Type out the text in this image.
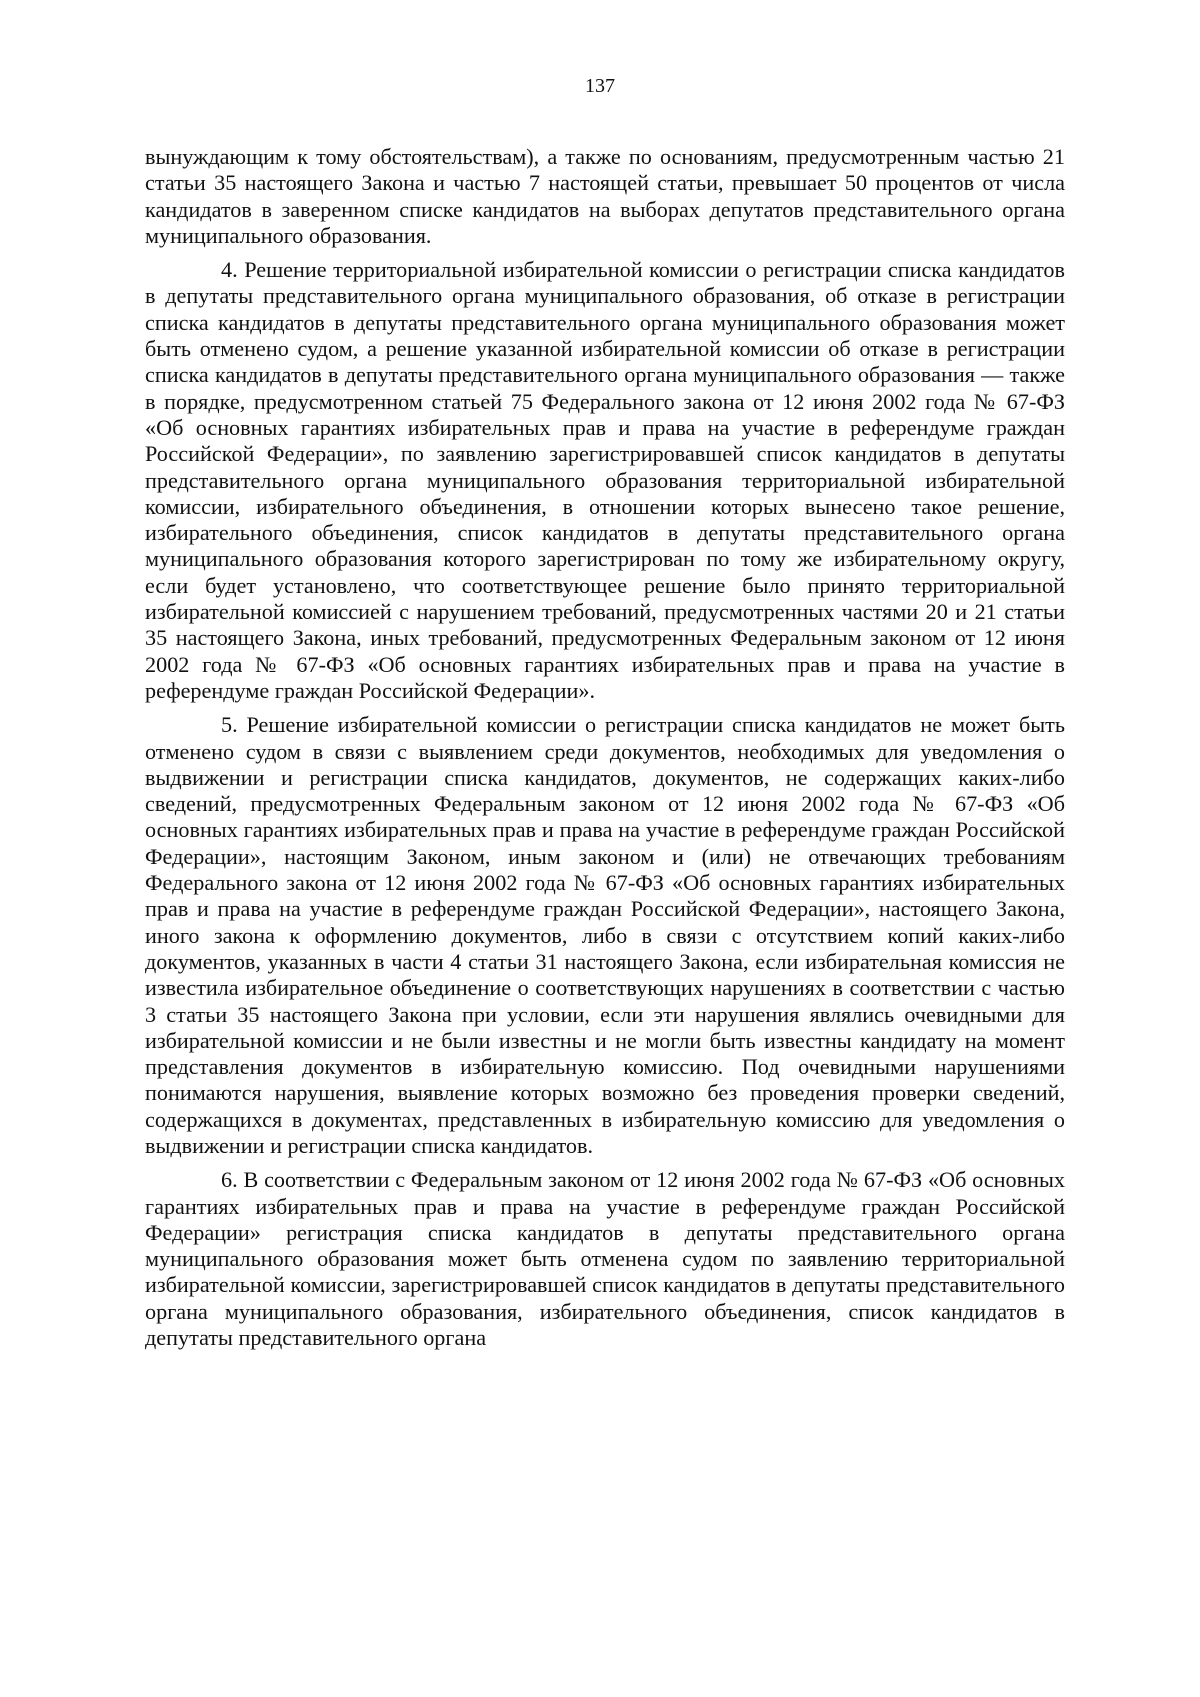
137

вынуждающим к тому обстоятельствам), а также по основаниям, предусмотренным частью 21 статьи 35 настоящего Закона и частью 7 настоящей статьи, превышает 50 процентов от числа кандидатов в заверенном списке кандидатов на выборах депутатов представительного органа муниципального образования.

4. Решение территориальной избирательной комиссии о регистрации списка кандидатов в депутаты представительного органа муниципального образования, об отказе в регистрации списка кандидатов в депутаты представительного органа муниципального образования может быть отменено судом, а решение указанной избирательной комиссии об отказе в регистрации списка кандидатов в депутаты представительного органа муниципального образования — также в порядке, предусмотренном статьей 75 Федерального закона от 12 июня 2002 года № 67-ФЗ «Об основных гарантиях избирательных прав и права на участие в референдуме граждан Российской Федерации», по заявлению зарегистрировавшей список кандидатов в депутаты представительного органа муниципального образования территориальной избирательной комиссии, избирательного объединения, в отношении которых вынесено такое решение, избирательного объединения, список кандидатов в депутаты представительного органа муниципального образования которого зарегистрирован по тому же избирательному округу, если будет установлено, что соответствующее решение было принято территориальной избирательной комиссией с нарушением требований, предусмотренных частями 20 и 21 статьи 35 настоящего Закона, иных требований, предусмотренных Федеральным законом от 12 июня 2002 года № 67-ФЗ «Об основных гарантиях избирательных прав и права на участие в референдуме граждан Российской Федерации».

5. Решение избирательной комиссии о регистрации списка кандидатов не может быть отменено судом в связи с выявлением среди документов, необходимых для уведомления о выдвижении и регистрации списка кандидатов, документов, не содержащих каких-либо сведений, предусмотренных Федеральным законом от 12 июня 2002 года № 67-ФЗ «Об основных гарантиях избирательных прав и права на участие в референдуме граждан Российской Федерации», настоящим Законом, иным законом и (или) не отвечающих требованиям Федерального закона от 12 июня 2002 года № 67-ФЗ «Об основных гарантиях избирательных прав и права на участие в референдуме граждан Российской Федерации», настоящего Закона, иного закона к оформлению документов, либо в связи с отсутствием копий каких-либо документов, указанных в части 4 статьи 31 настоящего Закона, если избирательная комиссия не известила избирательное объединение о соответствующих нарушениях в соответствии с частью 3 статьи 35 настоящего Закона при условии, если эти нарушения являлись очевидными для избирательной комиссии и не были известны и не могли быть известны кандидату на момент представления документов в избирательную комиссию. Под очевидными нарушениями понимаются нарушения, выявление которых возможно без проведения проверки сведений, содержащихся в документах, представленных в избирательную комиссию для уведомления о выдвижении и регистрации списка кандидатов.

6. В соответствии с Федеральным законом от 12 июня 2002 года № 67-ФЗ «Об основных гарантиях избирательных прав и права на участие в референдуме граждан Российской Федерации» регистрация списка кандидатов в депутаты представительного органа муниципального образования может быть отменена судом по заявлению территориальной избирательной комиссии, зарегистрировавшей список кандидатов в депутаты представительного органа муниципального образования, избирательного объединения, список кандидатов в депутаты представительного органа
